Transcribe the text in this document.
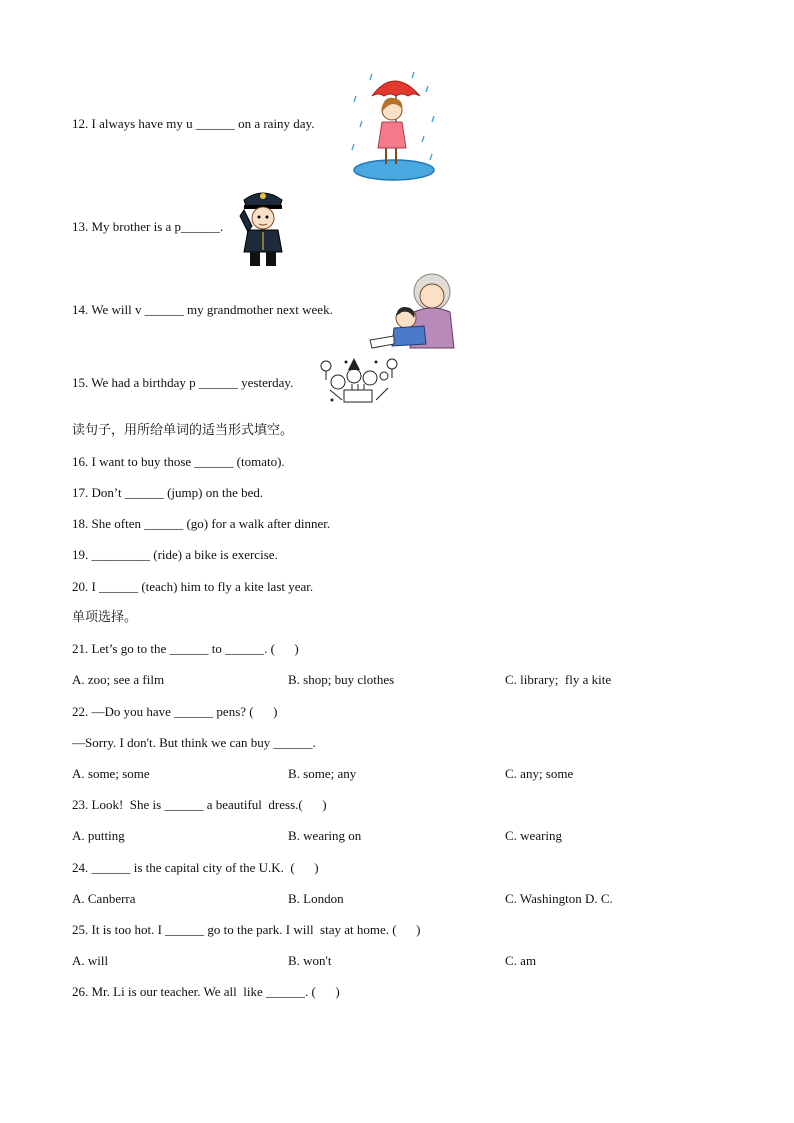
12. I always have my u ______ on a rainy day.
13. My brother is a p______.
14. We will v ______ my grandmother next week.
15. We had a birthday p ______ yesterday.
读句子，用所给单词的适当形式填空。
16. I want to buy those ______ (tomato).
17. Don’t ______ (jump) on the bed.
18. She often ______ (go) for a walk after dinner.
19. _________ (ride) a bike is exercise.
20. I ______ (teach) him to fly a kite last year.
单项选择。
21. Let’s go to the ______ to ______. (      )
A. zoo; see a film	B. shop; buy clothes	C. library;  fly a kite
22. —Do you have ______ pens? (      )
—Sorry. I don't. But think we can buy ______.
A. some; some	B. some; any	C. any; some
23. Look!  She is ______ a beautiful  dress.(      )
A. putting	B. wearing on	C. wearing
24. ______ is the capital city of the U.K.  (      )
A. Canberra	B. London	C. Washington D. C.
25. It is too hot. I ______ go to the park. I will  stay at home. (      )
A. will	B. won't	C. am
26. Mr. Li is our teacher. We all  like ______. (      )
